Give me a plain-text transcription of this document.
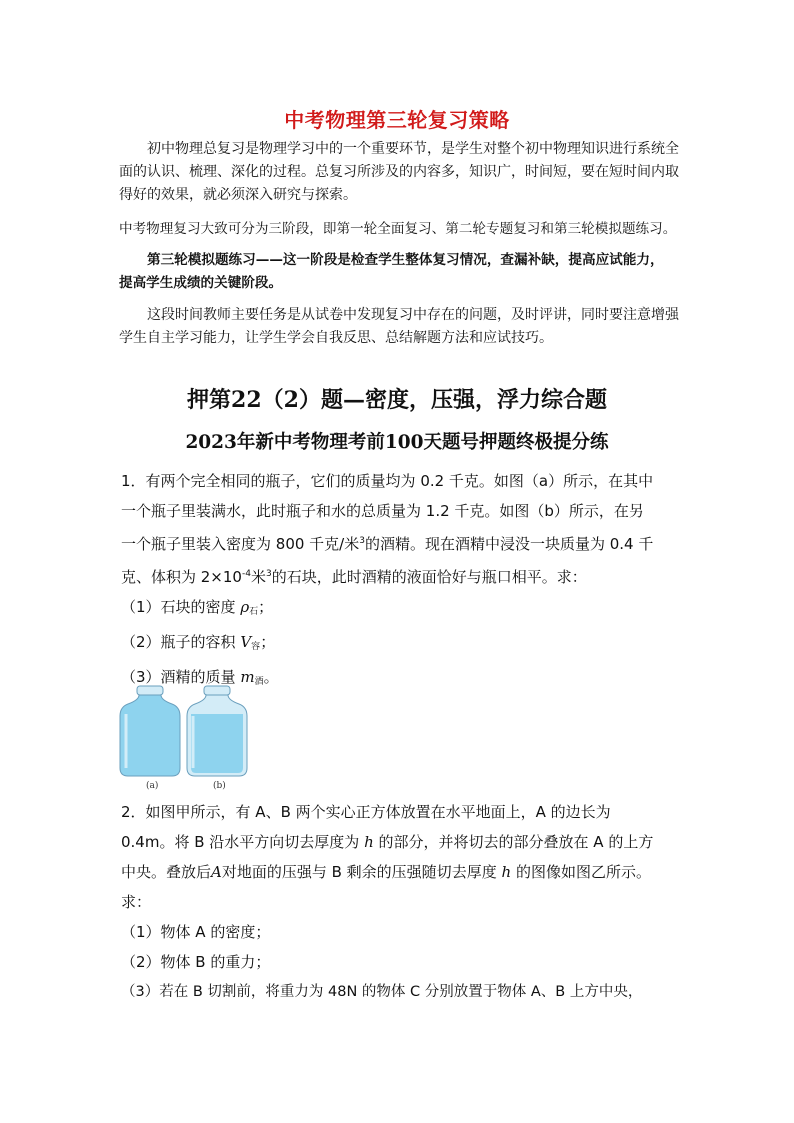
中考物理第三轮复习策略
初中物理总复习是物理学习中的一个重要环节，是学生对整个初中物理知识进行系统全
面的认识、梳理、深化的过程。总复习所涉及的内容多，知识广，时间短，要在短时间内取
得好的效果，就必须深入研究与探索。
中考物理复习大致可分为三阶段，即第一轮全面复习、第二轮专题复习和第三轮模拟题练习。
第三轮模拟题练习——这一阶段是检查学生整体复习情况，查漏补缺，提高应试能力，
提高学生成绩的关键阶段。
这段时间教师主要任务是从试卷中发现复习中存在的问题，及时评讲，同时要注意增强
学生自主学习能力，让学生学会自我反思、总结解题方法和应试技巧。
押第22（2）题—密度，压强，浮力综合题
2023年新中考物理考前100天题号押题终极提分练
1．有两个完全相同的瓶子，它们的质量均为 0.2 千克。如图（a）所示，在其中
一个瓶子里装满水，此时瓶子和水的总质量为 1.2 千克。如图（b）所示，在另
一个瓶子里装入密度为 800 千克/米$^3$的酒精。现在酒精中浸没一块质量为 0.4 千
克、体积为 $2\times 10^{-4}$米$^3$的石块，此时酒精的液面恰好与瓶口相平。求：
（1）石块的密度 $\rho_石$；
（2）瓶子的容积 $V_容$；
（3）酒精的质量 $m_酒$。
(a)	(b)
2．如图甲所示，有 A、B 两个实心正方体放置在水平地面上，A 的边长为
0.4m。将 B 沿水平方向切去厚度为 h 的部分，并将切去的部分叠放在 A 的上方
中央。叠放后A对地面的压强与 B 剩余的压强随切去厚度 h 的图像如图乙所示。
求：
（1）物体 A 的密度；
（2）物体 B 的重力；
（3）若在 B 切割前，将重力为 48N 的物体 C 分别放置于物体 A、B 上方中央，
